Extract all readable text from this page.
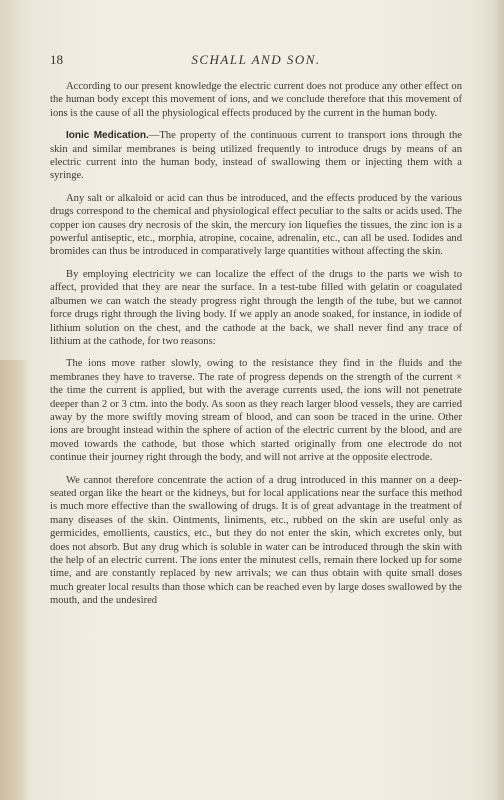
18	SCHALL AND SON.

According to our present knowledge the electric current does not produce any other effect on the human body except this movement of ions, and we conclude therefore that this movement of ions is the cause of all the physiological effects produced by the current in the human body.

Ionic Medication.—The property of the continuous current to transport ions through the skin and similar membranes is being utilized frequently to introduce drugs by means of an electric current into the human body, instead of swallowing them or injecting them with a syringe.

Any salt or alkaloid or acid can thus be introduced, and the effects produced by the various drugs correspond to the chemical and physiological effect peculiar to the salts or acids used. The copper ion causes dry necrosis of the skin, the mercury ion liquefies the tissues, the zinc ion is a powerful antiseptic, etc., morphia, atropine, cocaine, adrenalin, etc., can all be used. Iodides and bromides can thus be introduced in comparatively large quantities without affecting the skin.

By employing electricity we can localize the effect of the drugs to the parts we wish to affect, provided that they are near the surface. In a test-tube filled with gelatin or coagulated albumen we can watch the steady progress right through the length of the tube, but we cannot force drugs right through the living body. If we apply an anode soaked, for instance, in iodide of lithium solution on the chest, and the cathode at the back, we shall never find any trace of lithium at the cathode, for two reasons:

The ions move rather slowly, owing to the resistance they find in the fluids and the membranes they have to traverse. The rate of progress depends on the strength of the current × the time the current is applied, but with the average currents used, the ions will not penetrate deeper than 2 or 3 ctm. into the body. As soon as they reach larger blood vessels, they are carried away by the more swiftly moving stream of blood, and can soon be traced in the urine. Other ions are brought instead within the sphere of action of the electric current by the blood, and are moved towards the cathode, but those which started originally from one electrode do not continue their journey right through the body, and will not arrive at the opposite electrode.

We cannot therefore concentrate the action of a drug introduced in this manner on a deep-seated organ like the heart or the kidneys, but for local applications near the surface this method is much more effective than the swallowing of drugs. It is of great advantage in the treatment of many diseases of the skin. Ointments, liniments, etc., rubbed on the skin are useful only as germicides, emollients, caustics, etc., but they do not enter the skin, which excretes only, but does not absorb. But any drug which is soluble in water can be introduced through the skin with the help of an electric current. The ions enter the minutest cells, remain there locked up for some time, and are constantly replaced by new arrivals; we can thus obtain with quite small doses much greater local results than those which can be reached even by large doses swallowed by the mouth, and the undesired
